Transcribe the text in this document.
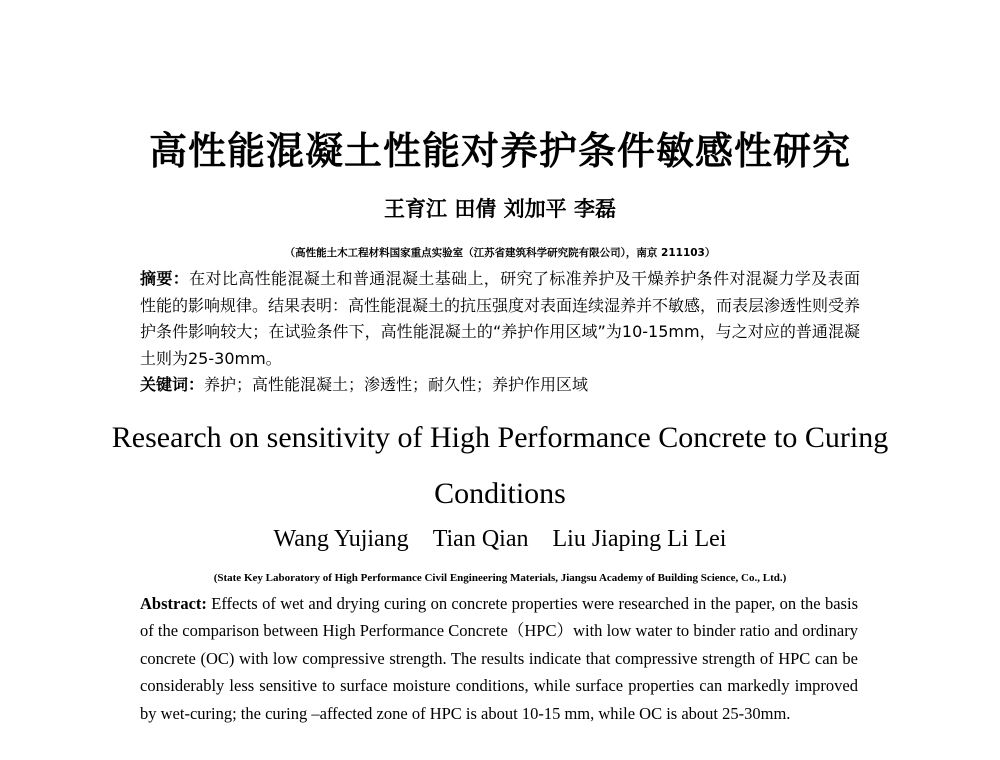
高性能混凝土性能对养护条件敏感性研究
王育江 田倩 刘加平 李磊
（高性能土木工程材料国家重点实验室（江苏省建筑科学研究院有限公司），南京 211103）
摘要：在对比高性能混凝土和普通混凝土基础上，研究了标准养护及干燥养护条件对混凝力学及表面性能的影响规律。结果表明：高性能混凝土的抗压强度对表面连续湿养并不敏感，而表层渗透性则受养护条件影响较大；在试验条件下，高性能混凝土的“养护作用区域”为10-15mm，与之对应的普通混凝土则为25-30mm。
关键词：养护；高性能混凝土；渗透性；耐久性；养护作用区域
Research on sensitivity of High Performance Concrete to Curing Conditions
Wang Yujiang Tian Qian Liu Jiaping Li Lei
(State Key Laboratory of High Performance Civil Engineering Materials, Jiangsu Academy of Building Science, Co., Ltd.)
Abstract: Effects of wet and drying curing on concrete properties were researched in the paper, on the basis of the comparison between High Performance Concrete（HPC）with low water to binder ratio and ordinary concrete (OC) with low compressive strength. The results indicate that compressive strength of HPC can be considerably less sensitive to surface moisture conditions, while surface properties can markedly improved by wet-curing; the curing –affected zone of HPC is about 10-15 mm, while OC is about 25-30mm.
